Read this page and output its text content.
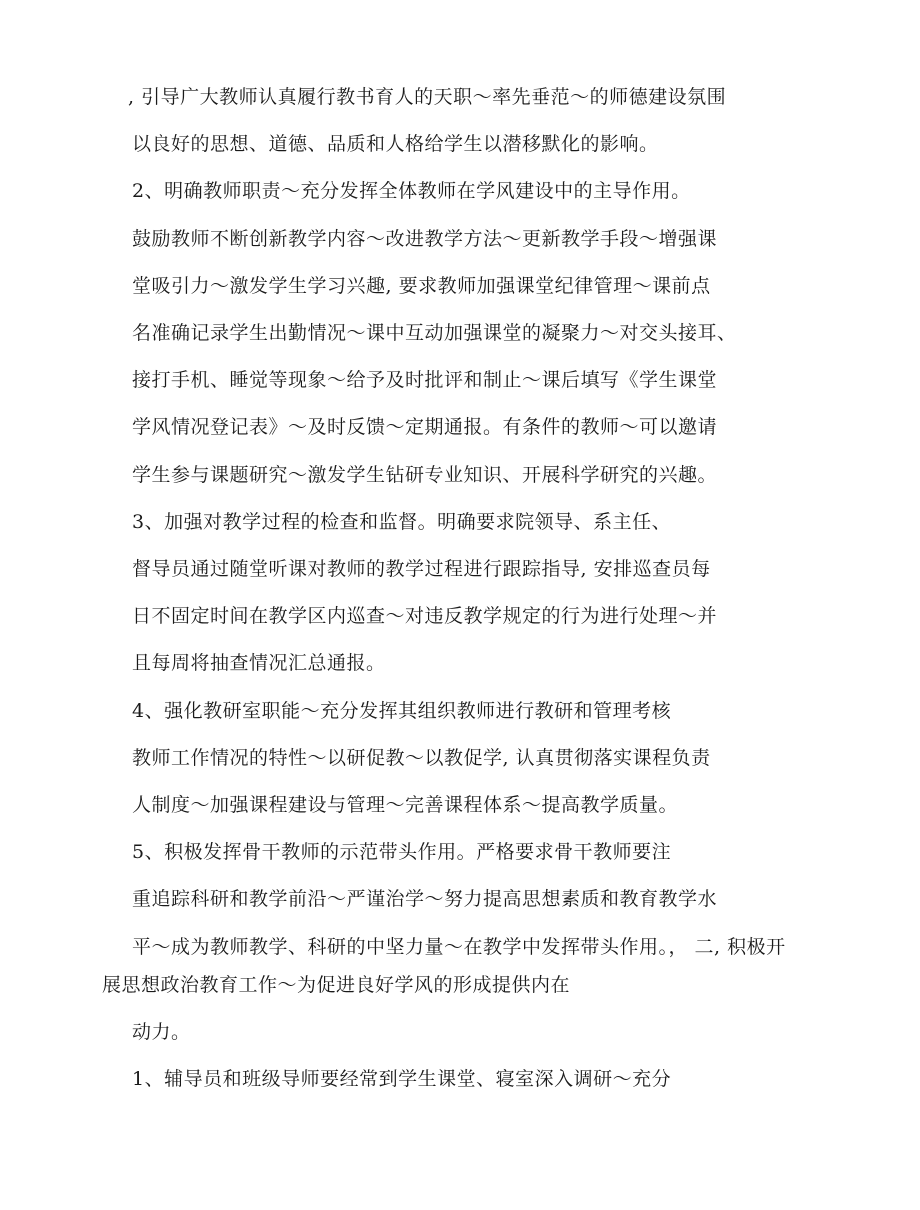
, 引导广大教师认真履行教书育人的天职～率先垂范～的师德建设氛围
以良好的思想、道德、品质和人格给学生以潜移默化的影响。
2、明确教师职责～充分发挥全体教师在学风建设中的主导作用。
鼓励教师不断创新教学内容～改进教学方法～更新教学手段～增强课
堂吸引力～激发学生学习兴趣, 要求教师加强课堂纪律管理～课前点
名准确记录学生出勤情况～课中互动加强课堂的凝聚力～对交头接耳、
接打手机、睡觉等现象～给予及时批评和制止～课后填写《学生课堂
学风情况登记表》～及时反馈～定期通报。有条件的教师～可以邀请
学生参与课题研究～激发学生钻研专业知识、开展科学研究的兴趣。
3、加强对教学过程的检查和监督。明确要求院领导、系主任、
督导员通过随堂听课对教师的教学过程进行跟踪指导, 安排巡查员每
日不固定时间在教学区内巡查～对违反教学规定的行为进行处理～并
且每周将抽查情况汇总通报。
4、强化教研室职能～充分发挥其组织教师进行教研和管理考核
教师工作情况的特性～以研促教～以教促学, 认真贯彻落实课程负责
人制度～加强课程建设与管理～完善课程体系～提高教学质量。
5、积极发挥骨干教师的示范带头作用。严格要求骨干教师要注
重追踪科研和教学前沿～严谨治学～努力提高思想素质和教育教学水
平～成为教师教学、科研的中坚力量～在教学中发挥带头作用。， 二, 积极开
展思想政治教育工作～为促进良好学风的形成提供内在
动力。
1、辅导员和班级导师要经常到学生课堂、寝室深入调研～充分
